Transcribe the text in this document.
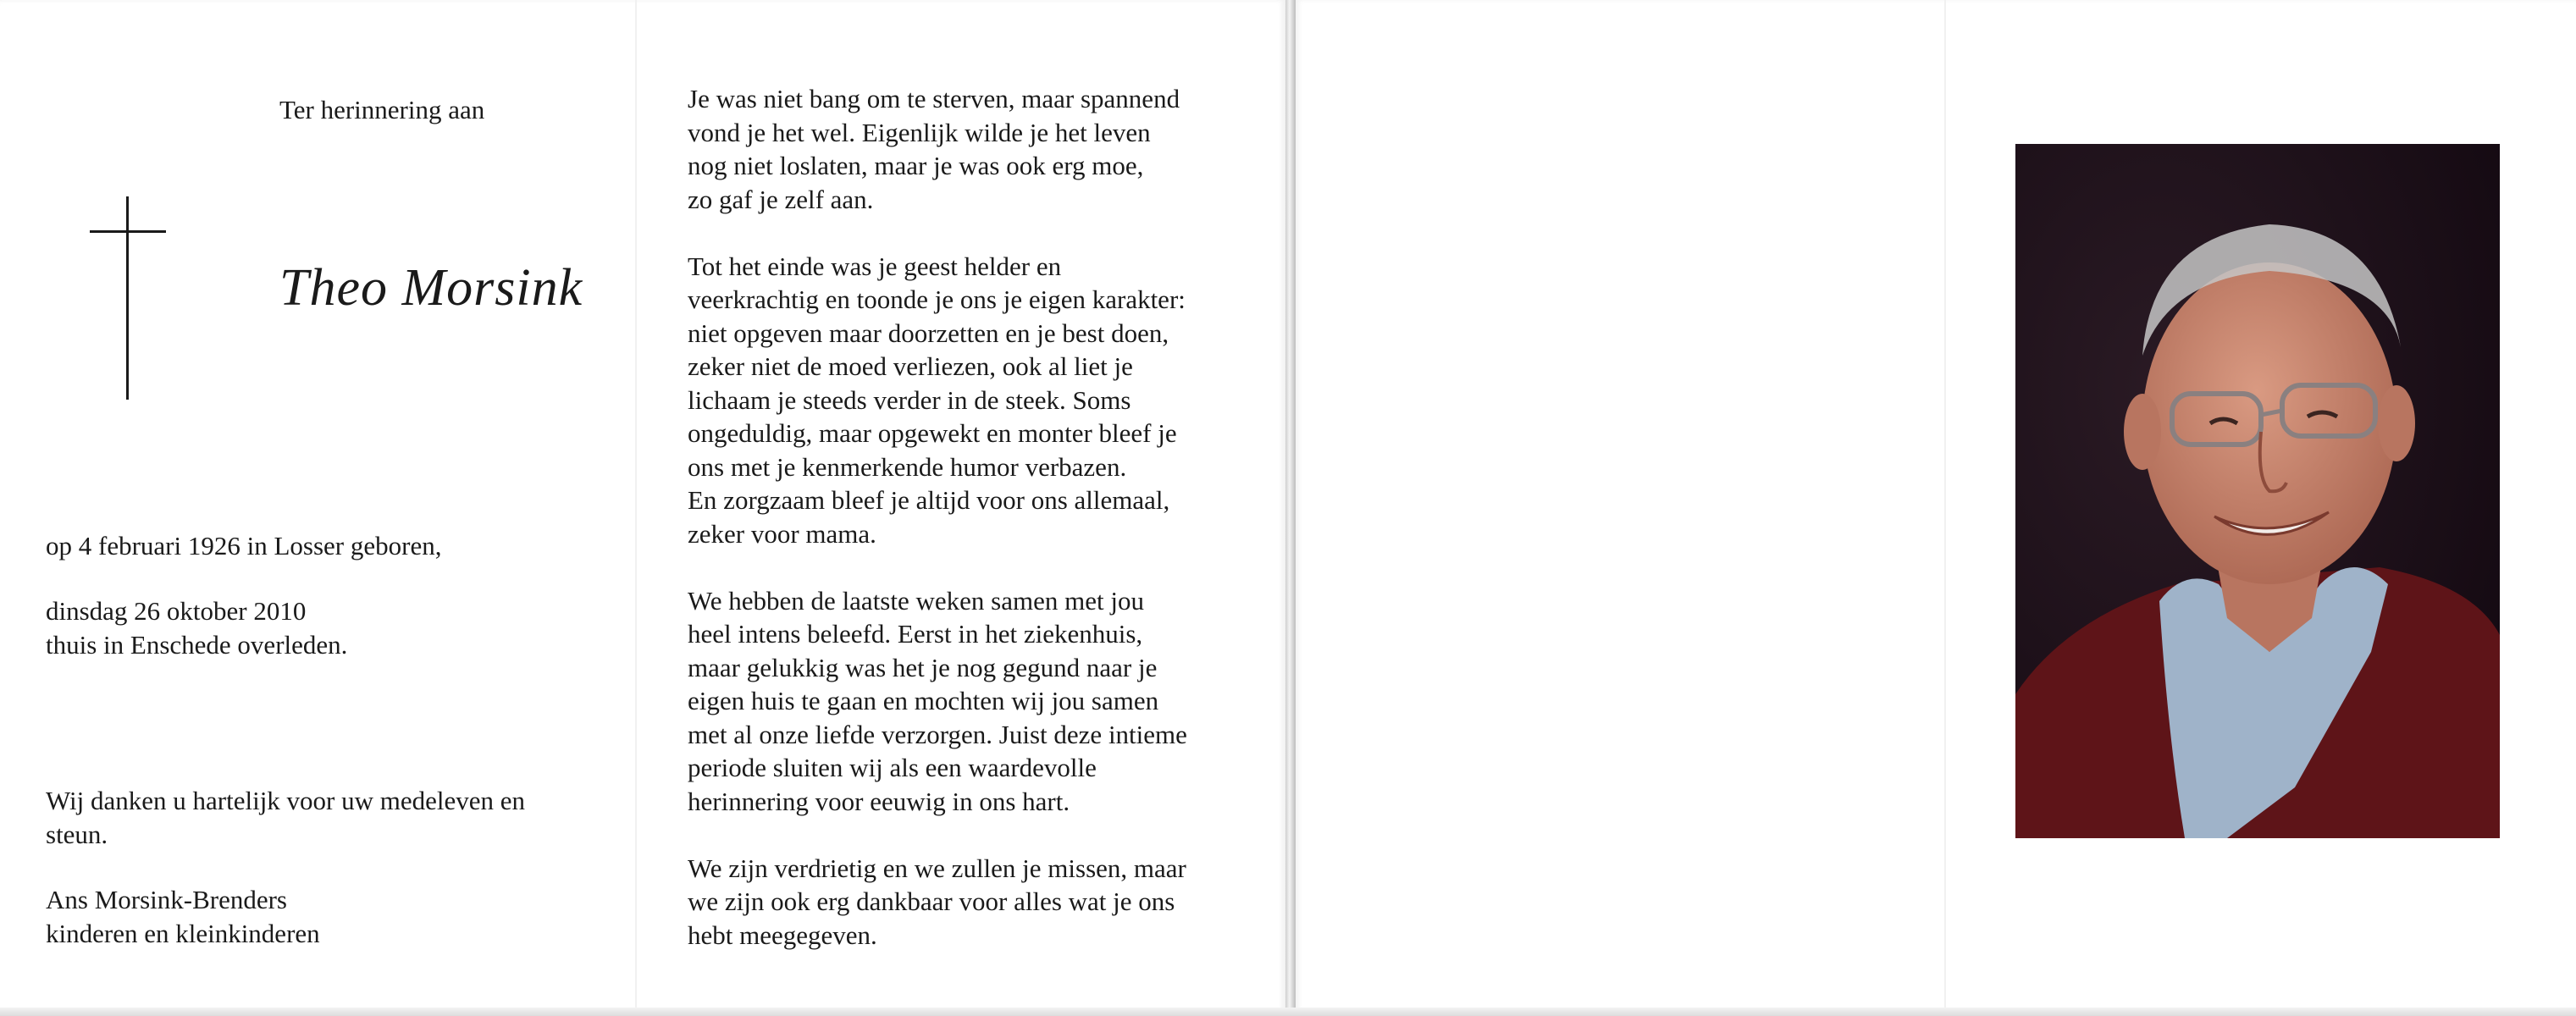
Ter herinnering aan
Theo Morsink
op 4 februari 1926 in Losser geboren,
dinsdag 26 oktober 2010
thuis in Enschede overleden.
Wij danken u hartelijk voor uw medeleven en
steun.
Ans Morsink-Brenders
kinderen en kleinkinderen

Je was niet bang om te sterven, maar spannend
vond je het wel. Eigenlijk wilde je het leven
nog niet loslaten, maar je was ook erg moe,
zo gaf je zelf aan.

Tot het einde was je geest helder en
veerkrachtig en toonde je ons je eigen karakter:
niet opgeven maar doorzetten en je best doen,
zeker niet de moed verliezen, ook al liet je
lichaam je steeds verder in de steek. Soms
ongeduldig, maar opgewekt en monter bleef je
ons met je kenmerkende humor verbazen.
En zorgzaam bleef je altijd voor ons allemaal,
zeker voor mama.

We hebben de laatste weken samen met jou
heel intens beleefd. Eerst in het ziekenhuis,
maar gelukkig was het je nog gegund naar je
eigen huis te gaan en mochten wij jou samen
met al onze liefde verzorgen. Juist deze intieme
periode sluiten wij als een waardevolle
herinnering voor eeuwig in ons hart.

We zijn verdrietig en we zullen je missen, maar
we zijn ook erg dankbaar voor alles wat je ons
hebt meegegeven.
